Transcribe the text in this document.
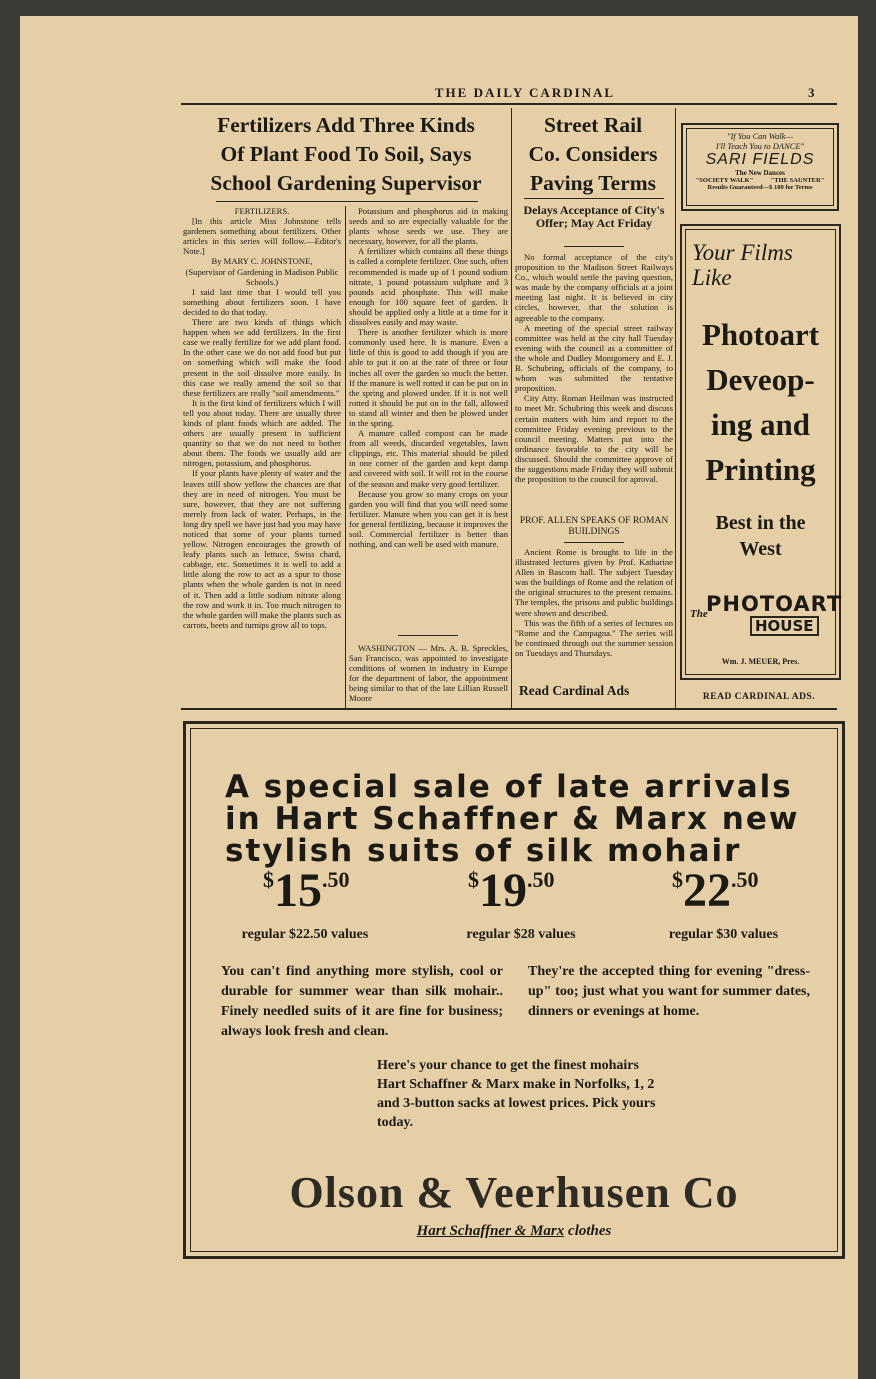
THE DAILY CARDINAL	3
Fertilizers Add Three Kinds
Of Plant Food To Soil, Says
School Gardening Supervisor

FERTILIZERS.

[In this article Miss Johnstone tells gardeners something about fertilizers. Other articles in this series will follow.—Editor's Note.]

By MARY C. JOHNSTONE,

(Supervisor of Gardening in Madison Public Schools.)

I said last time that I would tell you something about fertilizers soon. I have decided to do that today.

There are two kinds of things which happen when we add fertilizers. In the first case we really fertilize for we add plant food. In the other case we do not add food but put on something which will make the food present in the soil dissolve more easily. In this case we really amend the soil so that these fertilizers are really "soil amendments."

It is the first kind of fertilizers which I will tell you about today. There are usually three kinds of plant foods which are added. The others are usually present in sufficient quantity so that we do not need to bother about them. The foods we usually add are nitrogen, potassium, and phosphorus.

If your plants have plenty of water and the leaves still show yellow the chances are that they are in need of nitrogen. You must be sure, however, that they are not suffering merely from lack of water. Perhaps, in the long dry spell we have just had you may have noticed that some of your plants turned yellow. Nitrogen encourages the growth of leafy plants such as lettuce, Swiss chard, cabbage, etc. Sometimes it is well to add a little along the row to act as a spur to those plants when the whole garden is not in need of it. Then add a little sodium nitrate along the row and work it in. Too much nitrogen to the whole garden will make the plants such as carrots, beets and turnips grow all to tops.

Potassium and phosphorus aid in making seeds and so are especially valuable for the plants whose seeds we use. They are necessary, however, for all the plants.

A fertilizer which contains all these things is called a complete fertilizer. One such, often recommended is made up of 1 pound sodium nitrate, 1 pound potassium sulphate and 3 pounds acid phosphate. This will make enough for 100 square feet of garden. It should be applied only a little at a time for it dissolves easily and may waste.

There is another fertilizer which is more commonly used here. It is manure. Even a little of this is good to add though if you are able to put it on at the rate of three or four inches all over the garden so much the better. If the manure is well rotted it can be put on in the spring and plowed under. If it is not well rotted it should be put on in the fall, allowed to stand all winter and then be plowed under in the spring.

A manure called compost can be made from all weeds, discarded vegetables, lawn clippings, etc. This material should be piled in one corner of the garden and kept damp and covered with soil. It will rot in the course of the season and make very good fertilizer.

Because you grow so many crops on your garden you will find that you will need some fertilizer. Manure when you can get it is best for general fertilizing, because it improves the soil. Commercial fertilizer is better than nothing, and can well be used with manure.

WASHINGTON — Mrs. A. B. Spreckles, San Francisco, was appointed to investigate conditions of women in industry in Europe for the department of labor, the appointment being similar to that of the late Lillian Russell Moore

Street Rail
Co. Considers
Paving Terms
Delays Acceptance of City's Offer; May Act Friday

No formal acceptance of the city's proposition to the Madison Street Railways Co., which would settle the paving question, was made by the company officials at a joint meeting last night. It is believed in city circles, however, that the solution is agreeable to the company.

A meeting of the special street railway committee was held at the city hall Tuesday evening with the council as a committee of the whole and Dudley Montgomery and E. J. B. Schubring, officials of the company, to whom was submitted the tentative proposition.

City Atty. Roman Heilman was instructed to meet Mr. Schubring this week and discuss certain matters with him and report to the committee Friday evening previous to the council meeting. Matters put into the ordinance favorable to the city will be discussed. Should the committee approve of the suggestions made Friday they will submit the proposition to the council for aproval.

PROF. ALLEN SPEAKS OF ROMAN BUILDINGS

Ancient Rome is brought to life in the illustrated lectures given by Prof. Katharine Allen in Bascom hall. The subject Tuesday was the buildings of Rome and the relation of the original structures to the present remains. The temples, the prisons and public buildings were shown and described.

This was the fifth of a series of lectures on "Rome and the Campagna." The series will be continued through out the summer session on Tuesdays and Thursdays.

Read Cardinal Ads
"If You Can Walk—
I'll Teach You to DANCE"
SARI FIELDS
The New Dances
"SOCIETY WALK"	"THE SAUNTER"
Results Guaranteed—$ 180 for Terms
Your Films
Like
Photoart
Deveop-
ing and
Printing
Best in the
West
The
PHOTOART
HOUSE
Wm. J. MEUER, Pres.
READ CARDINAL ADS.
A special sale of late arrivals
in Hart Schaffner & Marx new
stylish suits of silk mohair
$15.50	$19.50	$22.50
regular $22.50 values	regular $28 values	regular $30 values
You can't find anything more stylish, cool or durable for summer wear than silk mohair.. Finely needled suits of it are fine for business; always look fresh and clean.
They're the accepted thing for evening "dress-up" too; just what you want for summer dates, dinners or evenings at home.
Here's your chance to get the finest mohairs Hart Schaffner & Marx make in Norfolks, 1, 2 and 3-button sacks at lowest prices. Pick yours today.
Olson & Veerhusen Co
Hart Schaffner & Marx clothes
